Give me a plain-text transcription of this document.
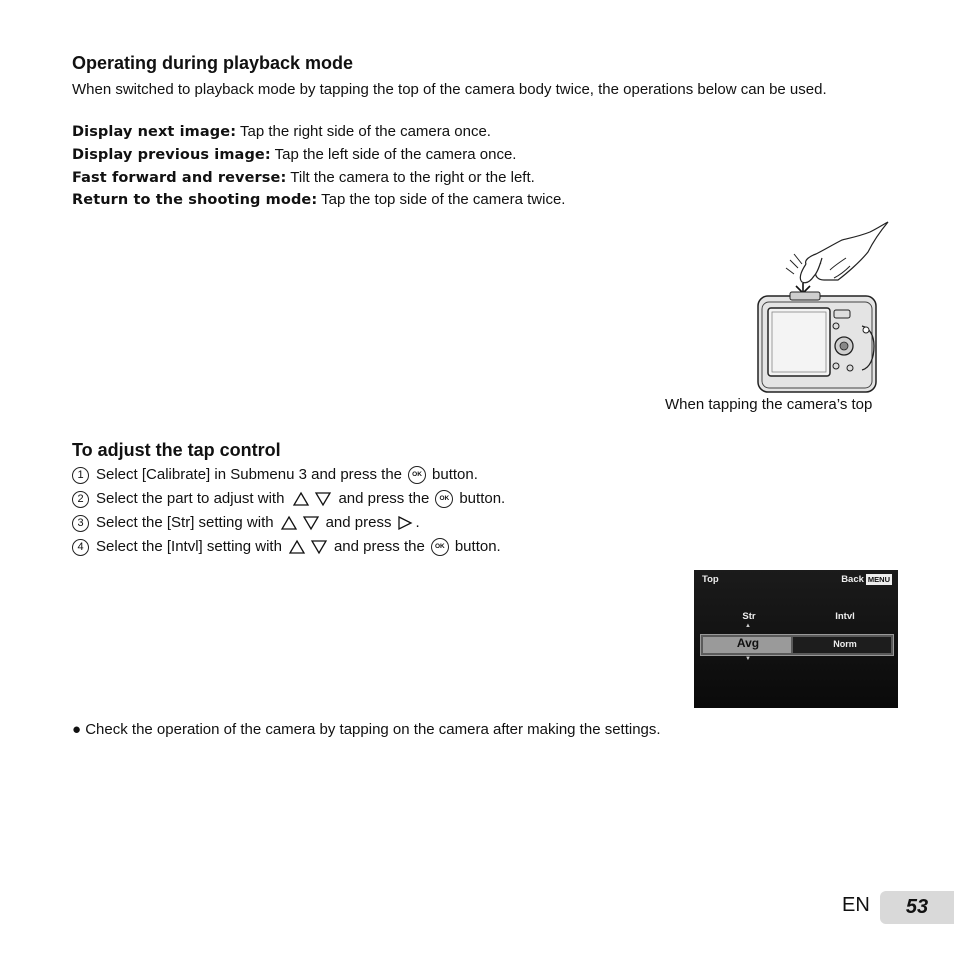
Operating during playback mode
When switched to playback mode by tapping the top of the camera body twice, the operations below can be used.
Display next image: Tap the right side of the camera once.
Display previous image: Tap the left side of the camera once.
Fast forward and reverse: Tilt the camera to the right or the left.
Return to the shooting mode: Tap the top side of the camera twice.
When tapping the camera’s top
To adjust the tap control
1 Select [Calibrate] in Submenu 3 and press the	OK button.
2 Select the part to adjust with	and press the	OK button.
3 Select the [Str] setting with	and press .
4 Select the [Intvl] setting with	and press the	OK button.
Top	Back MENU
Str	Intvl
▲
Avg	Norm
▼
● Check the operation of the camera by tapping on the camera after making the settings.
EN	53
